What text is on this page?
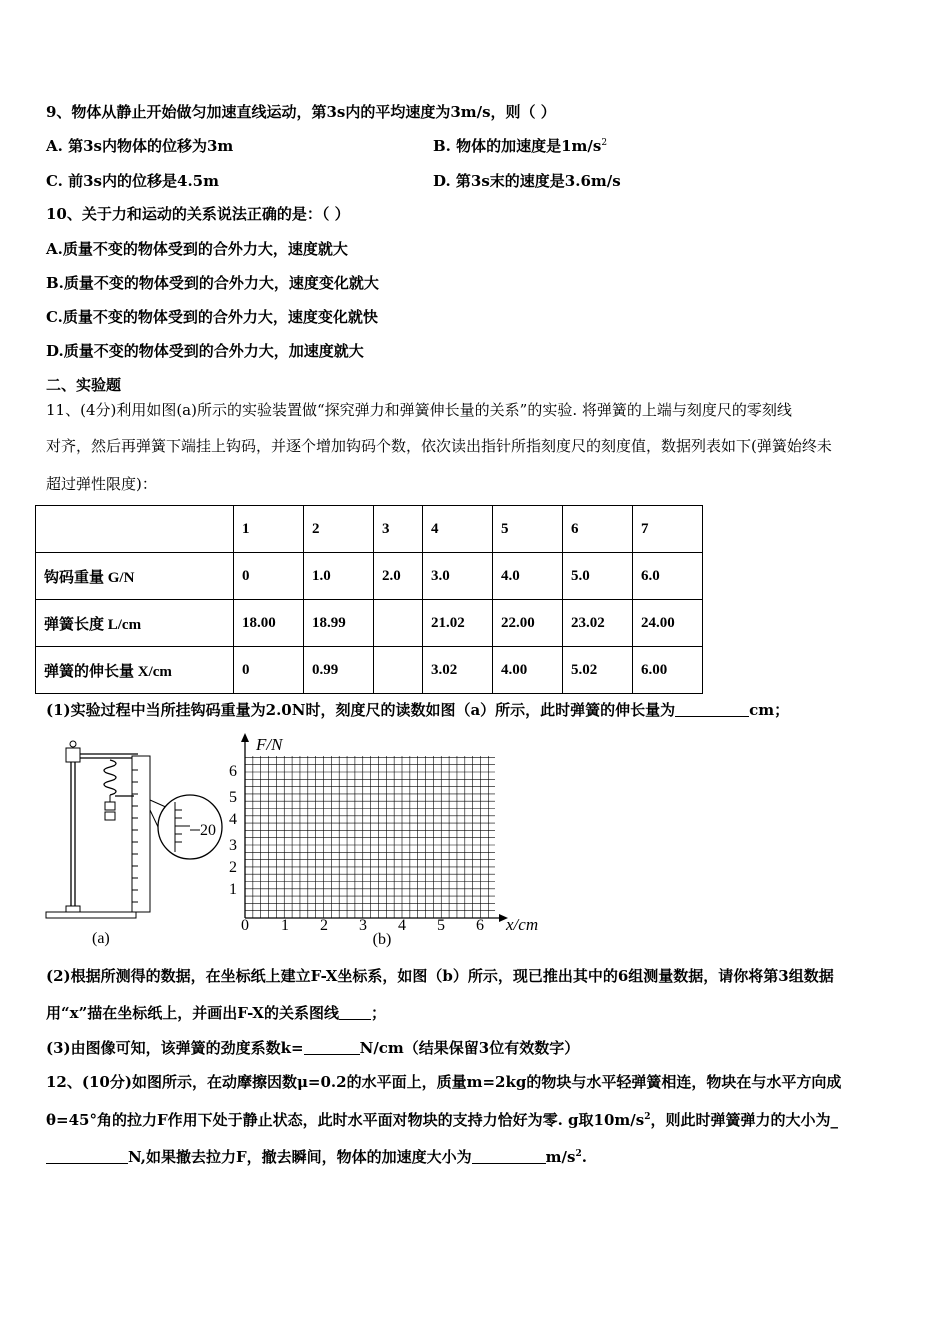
9、物体从静止开始做匀加速直线运动，第3s内的平均速度为3m/s，则（ ）
A. 第3s内物体的位移为3m	B. 物体的加速度是$1m/s^2$
C. 前3s内的位移是4.5m	D. 第3s末的速度是3.6m/s
10、关于力和运动的关系说法正确的是：（ ）
A.质量不变的物体受到的合外力大，速度就大
B.质量不变的物体受到的合外力大，速度变化就大
C.质量不变的物体受到的合外力大，速度变化就快
D.质量不变的物体受到的合外力大，加速度就大
二、实验题
11、(4分)利用如图(a)所示的实验装置做“探究弹力和弹簧伸长量的关系”的实验. 将弹簧的上端与刻度尺的零刻线
对齐，然后再弹簧下端挂上钩码，并逐个增加钩码个数，依次读出指针所指刻度尺的刻度值，数据列表如下(弹簧始终未
超过弹性限度)：
	1	2	3	4	5	6	7
钩码重量 G/N	0	1.0	2.0	3.0	4.0	5.0	6.0
弹簧长度 L/cm	18.00	18.99		21.02	22.00	23.02	24.00
弹簧的伸长量 X/cm	0	0.99		3.02	4.00	5.02	6.00
(1)实验过程中当所挂钩码重量为2.0N时，刻度尺的读数如图（a）所示，此时弹簧的伸长量为	cm；
20
(a)
F/N
x/cm
1
2
3
4
5
6
0 1 2 3 4 5 6
(b)
(2)根据所测得的数据，在坐标纸上建立F-X坐标系，如图（b）所示，现已推出其中的6组测量数据，请你将第3组数据
用“x”描在坐标纸上，并画出F-X的关系图线 ；
(3)由图像可知，该弹簧的劲度系数k=	N/cm（结果保留3位有效数字）
12、(10分)如图所示，在动摩擦因数μ=0.2的水平面上，质量m=2kg的物块与水平轻弹簧相连，物块在与水平方向成
θ=45°角的拉力F作用下处于静止状态，此时水平面对物块的支持力恰好为零. g取$10m/s^2$，则此时弹簧弹力的大小为_
N,如果撤去拉力F，撤去瞬间，物体的加速度大小为	$m/s^2$.
